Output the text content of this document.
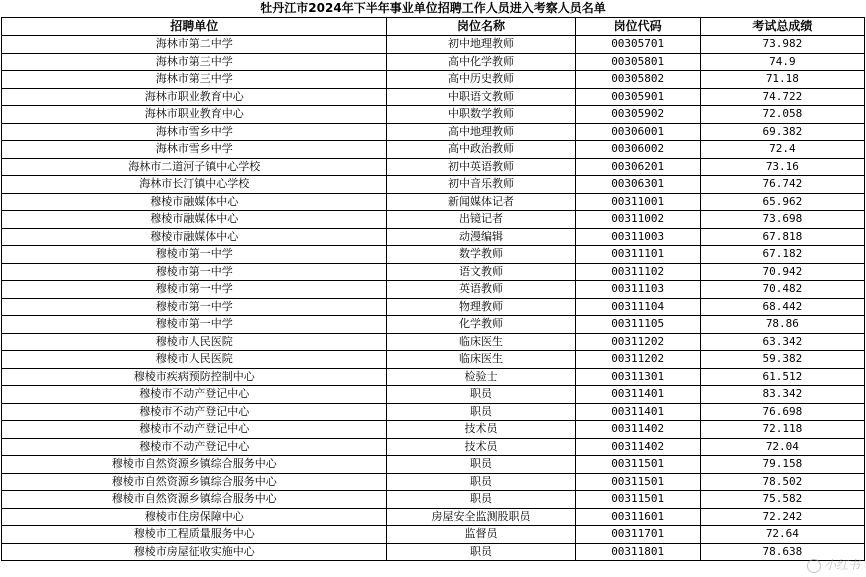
牡丹江市2024年下半年事业单位招聘工作人员进入考察人员名单			
招聘单位	岗位名称	岗位代码	考试总成绩
海林市第二中学	初中地理教师	00305701	73.982
海林市第三中学	高中化学教师	00305801	74.9
海林市第三中学	高中历史教师	00305802	71.18
海林市职业教育中心	中职语文教师	00305901	74.722
海林市职业教育中心	中职数学教师	00305902	72.058
海林市雪乡中学	高中地理教师	00306001	69.382
海林市雪乡中学	高中政治教师	00306002	72.4
海林市二道河子镇中心学校	初中英语教师	00306201	73.16
海林市长汀镇中心学校	初中音乐教师	00306301	76.742
穆棱市融媒体中心	新闻媒体记者	00311001	65.962
穆棱市融媒体中心	出镜记者	00311002	73.698
穆棱市融媒体中心	动漫编辑	00311003	67.818
穆棱市第一中学	数学教师	00311101	67.182
穆棱市第一中学	语文教师	00311102	70.942
穆棱市第一中学	英语教师	00311103	70.482
穆棱市第一中学	物理教师	00311104	68.442
穆棱市第一中学	化学教师	00311105	78.86
穆棱市人民医院	临床医生	00311202	63.342
穆棱市人民医院	临床医生	00311202	59.382
穆棱市疾病预防控制中心	检验士	00311301	61.512
穆棱市不动产登记中心	职员	00311401	83.342
穆棱市不动产登记中心	职员	00311401	76.698
穆棱市不动产登记中心	技术员	00311402	72.118
穆棱市不动产登记中心	技术员	00311402	72.04
穆棱市自然资源乡镇综合服务中心	职员	00311501	79.158
穆棱市自然资源乡镇综合服务中心	职员	00311501	78.502
穆棱市自然资源乡镇综合服务中心	职员	00311501	75.582
穆棱市住房保障中心	房屋安全监测股职员	00311601	72.242
穆棱市工程质量服务中心	监督员	00311701	72.64
穆棱市房屋征收实施中心	职员	00311801	78.638
小红书
